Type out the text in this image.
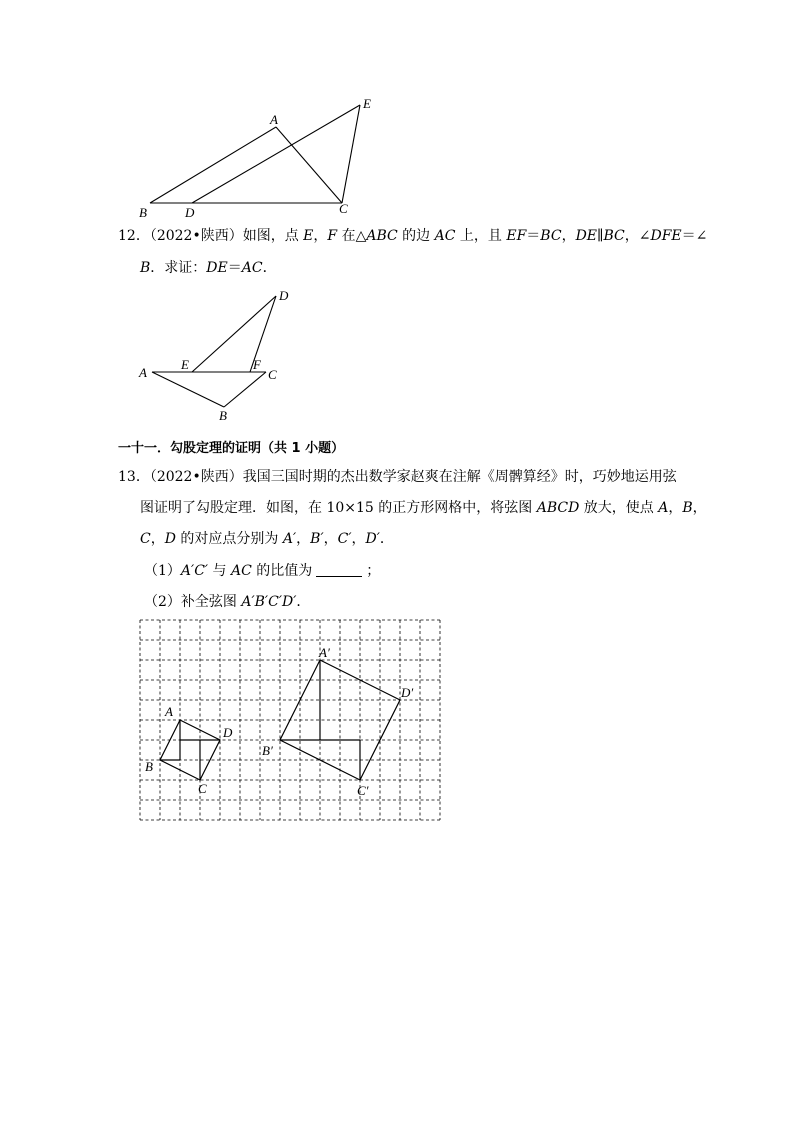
A
E
B	D	C
12．（2022•陕西）如图，点 E，F 在△ABC 的边 AC 上，且 EF＝BC，DE∥BC，∠DFE＝∠
B．求证：DE＝AC．
D
A
E	F
C
B
一十一．勾股定理的证明（共 1 小题）
13．（2022•陕西）我国三国时期的杰出数学家赵爽在注解《周髀算经》时，巧妙地运用弦
图证明了勾股定理．如图，在 10×15 的正方形网格中，将弦图 ABCD 放大，使点 A，B，
C，D 的对应点分别为 A′，B′，C′，D′．
（1）A′C′ 与 AC 的比值为	；
（2）补全弦图 A′B′C′D′．
A
D
B
C
A′
D′
B′
C′
